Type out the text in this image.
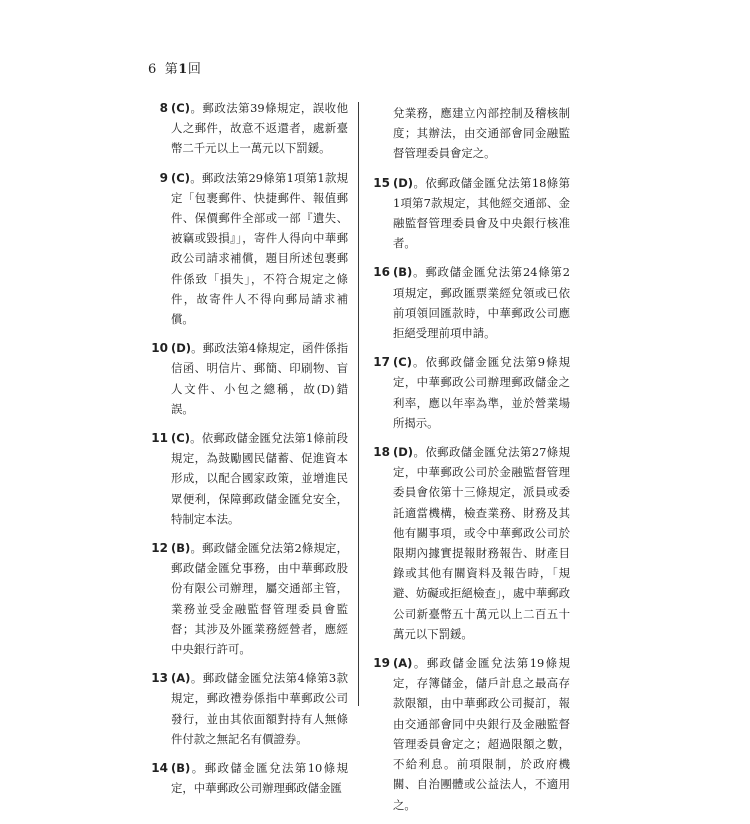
6 第1回
8 (C)。郵政法第39條規定，誤收他人之郵件，故意不返還者，處新臺幣二千元以上一萬元以下罰鍰。
9 (C)。郵政法第29條第1項第1款規定「包裹郵件、快捷郵件、報值郵件、保價郵件全部或一部『遺失、被竊或毀損』」，寄件人得向中華郵政公司請求補償，題目所述包裹郵件係致「損失」，不符合規定之條件，故寄件人不得向郵局請求補償。
10 (D)。郵政法第4條規定，函件係指信函、明信片、郵簡、印刷物、盲人文件、小包之總稱，故(D)錯誤。
11 (C)。依郵政儲金匯兌法第1條前段規定，為鼓勵國民儲蓄、促進資本形成，以配合國家政策，並增進民眾便利，保障郵政儲金匯兌安全，特制定本法。
12 (B)。郵政儲金匯兌法第2條規定，郵政儲金匯兌事務，由中華郵政股份有限公司辦理，屬交通部主管，業務並受金融監督管理委員會監督；其涉及外匯業務經營者，應經中央銀行許可。
13 (A)。郵政儲金匯兌法第4條第3款規定，郵政禮券係指中華郵政公司發行，並由其依面額對持有人無條件付款之無記名有價證券。
14 (B)。郵政儲金匯兌法第10條規定，中華郵政公司辦理郵政儲金匯
兌業務，應建立內部控制及稽核制度；其辦法，由交通部會同金融監督管理委員會定之。
15 (D)。依郵政儲金匯兌法第18條第1項第7款規定，其他經交通部、金融監督管理委員會及中央銀行核准者。
16 (B)。郵政儲金匯兌法第24條第2項規定，郵政匯票業經兌領或已依前項領回匯款時，中華郵政公司應拒絕受理前項申請。
17 (C)。依郵政儲金匯兌法第9條規定，中華郵政公司辦理郵政儲金之利率，應以年率為準，並於營業場所揭示。
18 (D)。依郵政儲金匯兌法第27條規定，中華郵政公司於金融監督管理委員會依第十三條規定，派員或委託適當機構，檢查業務、財務及其他有關事項，或令中華郵政公司於限期內據實提報財務報告、財產目錄或其他有關資料及報告時，「規避、妨礙或拒絕檢查」，處中華郵政公司新臺幣五十萬元以上二百五十萬元以下罰鍰。
19 (A)。郵政儲金匯兌法第19條規定，存簿儲金，儲戶計息之最高存款限額，由中華郵政公司擬訂，報由交通部會同中央銀行及金融監督管理委員會定之；超過限額之數，不給利息。前項限制，於政府機關、自治團體或公益法人，不適用之。
